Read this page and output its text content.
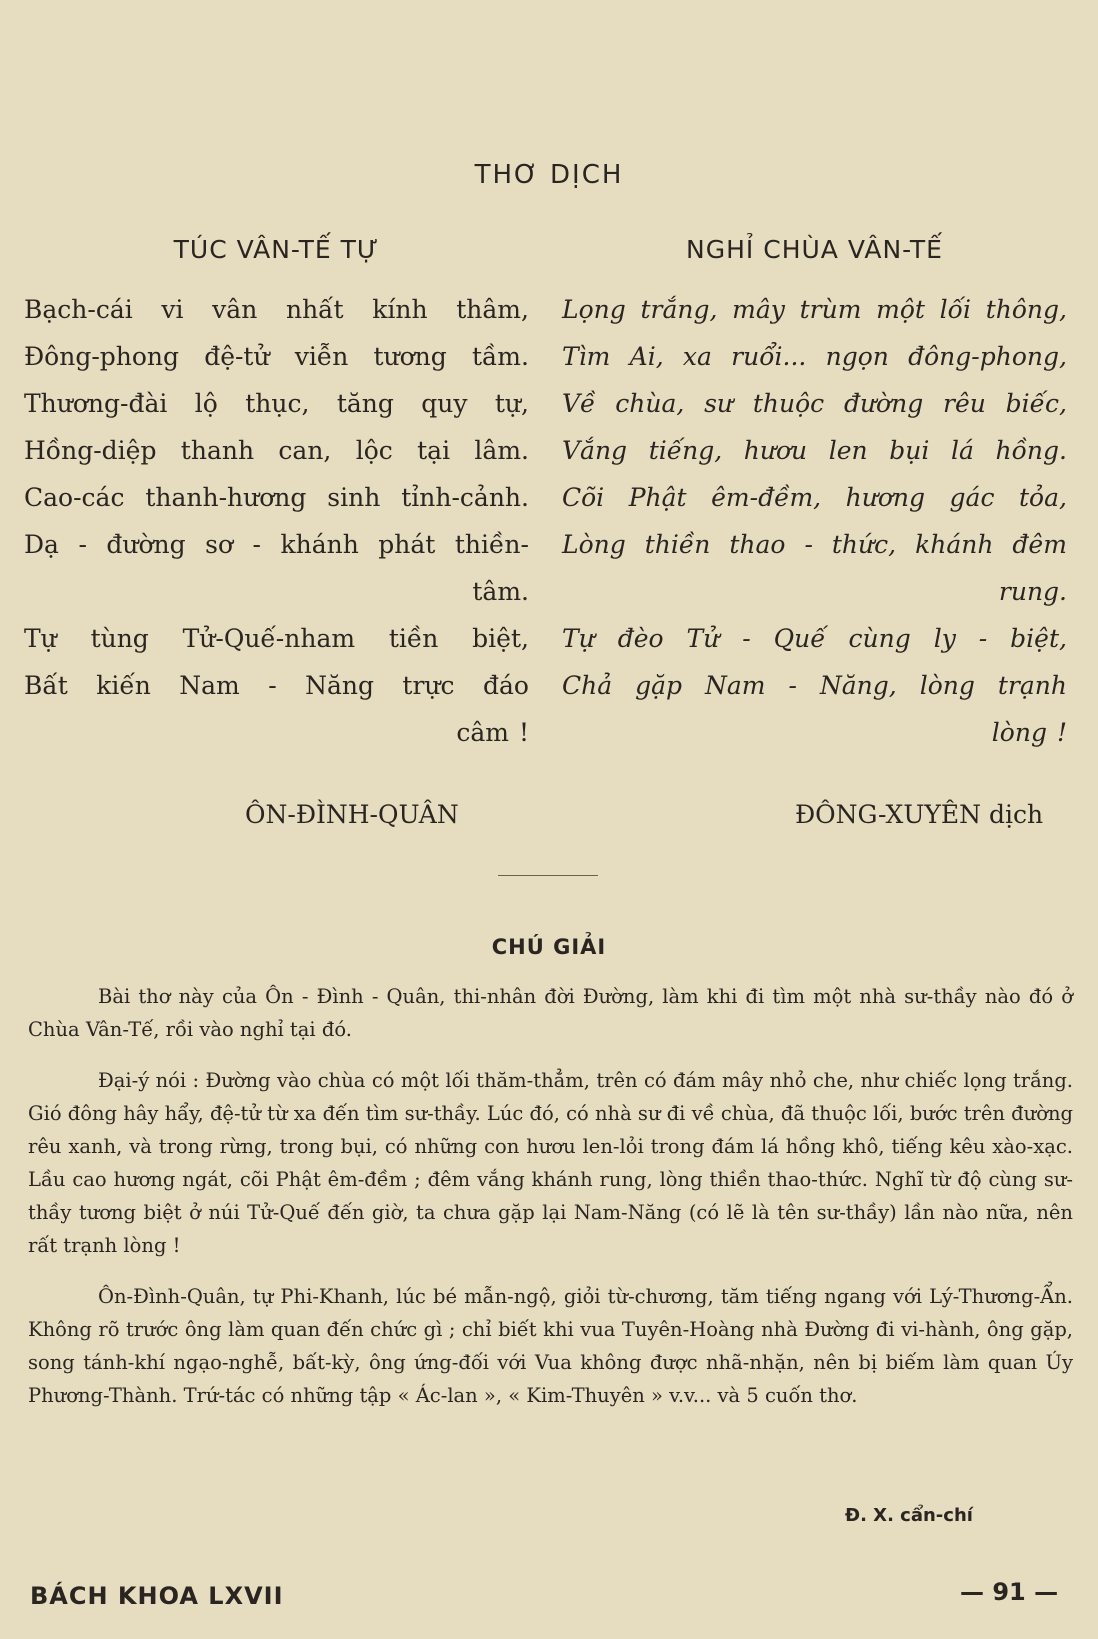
THƠ DỊCH
TÚC VÂN-TẾ TỰ
Bạch-cái vi vân nhất kính thâm,
Đông-phong đệ-tử viễn tương tầm.
Thương-đài lộ thục, tăng quy tự,
Hồng-diệp thanh can, lộc tại lâm.
Cao-các thanh-hương sinh tỉnh-cảnh.
Dạ - đường sơ - khánh phát thiền-
tâm.
Tự tùng Tử-Quế-nham tiền biệt,
Bất kiến Nam - Năng trực đáo
câm !
NGHỈ CHÙA VÂN-TẾ
Lọng trắng, mây trùm một lối thông,
Tìm Ai, xa ruổi... ngọn đông-phong,
Về chùa, sư thuộc đường rêu biếc,
Vắng tiếng, hươu len bụi lá hồng.
Cõi Phật êm-đềm, hương gác tỏa,
Lòng thiền thao - thức, khánh đêm
rung.
Tự đèo Tử - Quế cùng ly - biệt,
Chả gặp Nam - Năng, lòng trạnh
lòng !
ÔN-ĐÌNH-QUÂN	ĐÔNG-XUYÊN dịch
CHÚ GIẢI

Bài thơ này của Ôn - Đình - Quân, thi-nhân đời Đường, làm khi đi tìm một nhà sư-thầy nào đó ở Chùa Vân-Tế, rồi vào nghỉ tại đó.

Đại-ý nói : Đường vào chùa có một lối thăm-thẳm, trên có đám mây nhỏ che, như chiếc lọng trắng. Gió đông hây hẩy, đệ-tử từ xa đến tìm sư-thầy. Lúc đó, có nhà sư đi về chùa, đã thuộc lối, bước trên đường rêu xanh, và trong rừng, trong bụi, có những con hươu len-lỏi trong đám lá hồng khô, tiếng kêu xào-xạc. Lầu cao hương ngát, cõi Phật êm-đềm ; đêm vắng khánh rung, lòng thiền thao-thức. Nghĩ từ độ cùng sư-thầy tương biệt ở núi Tử-Quế đến giờ, ta chưa gặp lại Nam-Năng (có lẽ là tên sư-thầy) lần nào nữa, nên rất trạnh lòng !

Ôn-Đình-Quân, tự Phi-Khanh, lúc bé mẫn-ngộ, giỏi từ-chương, tăm tiếng ngang với Lý-Thương-Ẩn. Không rõ trước ông làm quan đến chức gì ; chỉ biết khi vua Tuyên-Hoàng nhà Đường đi vi-hành, ông gặp, song tánh-khí ngạo-nghễ, bất-kỳ, ông ứng-đối với Vua không được nhã-nhặn, nên bị biếm làm quan Úy Phương-Thành. Trứ-tác có những tập « Ác-lan », « Kim-Thuyên » v.v... và 5 cuốn thơ.

Đ. X. cẩn-chí
BÁCH KHOA LXVII	— 91 —
